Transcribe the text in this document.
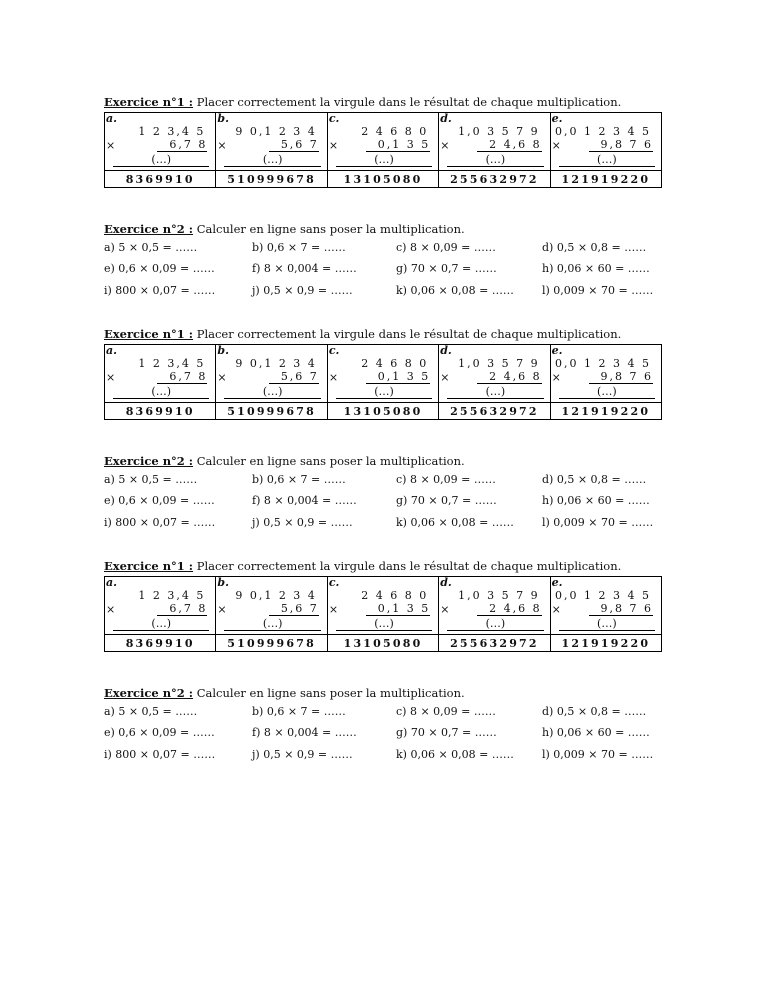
Exercice n°1 : Placer correctement la virgule dans le résultat de chaque multiplication.
a.
1 2 3,4 5
×	6,7 8
(…)
8369910
b.
9 0,1 2 3 4
×	5,6 7
(…)
510999678
c.
2 4 6 8 0
×	0,1 3 5
(…)
13105080
d.
1,0 3 5 7 9
×	2 4,6 8
(…)
255632972
e.
0,0 1 2 3 4 5
×	9,8 7 6
(…)
121919220
Exercice n°2 : Calculer en ligne sans poser la multiplication.
a) 5 × 0,5 = ……	b) 0,6 × 7 = ……	c) 8 × 0,09 = ……	d) 0,5 × 0,8 = ……
e) 0,6 × 0,09 = ……	f) 8 × 0,004 = ……	g) 70 × 0,7 = ……	h) 0,06 × 60 = ……
i) 800 × 0,07 = ……	j) 0,5 × 0,9 = ……	k) 0,06 × 0,08 = ……	l) 0,009 × 70 = ……
Exercice n°1 : Placer correctement la virgule dans le résultat de chaque multiplication.
a.
1 2 3,4 5
×	6,7 8
(…)
8369910
b.
9 0,1 2 3 4
×	5,6 7
(…)
510999678
c.
2 4 6 8 0
×	0,1 3 5
(…)
13105080
d.
1,0 3 5 7 9
×	2 4,6 8
(…)
255632972
e.
0,0 1 2 3 4 5
×	9,8 7 6
(…)
121919220
Exercice n°2 : Calculer en ligne sans poser la multiplication.
a) 5 × 0,5 = ……	b) 0,6 × 7 = ……	c) 8 × 0,09 = ……	d) 0,5 × 0,8 = ……
e) 0,6 × 0,09 = ……	f) 8 × 0,004 = ……	g) 70 × 0,7 = ……	h) 0,06 × 60 = ……
i) 800 × 0,07 = ……	j) 0,5 × 0,9 = ……	k) 0,06 × 0,08 = ……	l) 0,009 × 70 = ……
Exercice n°1 : Placer correctement la virgule dans le résultat de chaque multiplication.
a.
1 2 3,4 5
×	6,7 8
(…)
8369910
b.
9 0,1 2 3 4
×	5,6 7
(…)
510999678
c.
2 4 6 8 0
×	0,1 3 5
(…)
13105080
d.
1,0 3 5 7 9
×	2 4,6 8
(…)
255632972
e.
0,0 1 2 3 4 5
×	9,8 7 6
(…)
121919220
Exercice n°2 : Calculer en ligne sans poser la multiplication.
a) 5 × 0,5 = ……	b) 0,6 × 7 = ……	c) 8 × 0,09 = ……	d) 0,5 × 0,8 = ……
e) 0,6 × 0,09 = ……	f) 8 × 0,004 = ……	g) 70 × 0,7 = ……	h) 0,06 × 60 = ……
i) 800 × 0,07 = ……	j) 0,5 × 0,9 = ……	k) 0,06 × 0,08 = ……	l) 0,009 × 70 = ……
